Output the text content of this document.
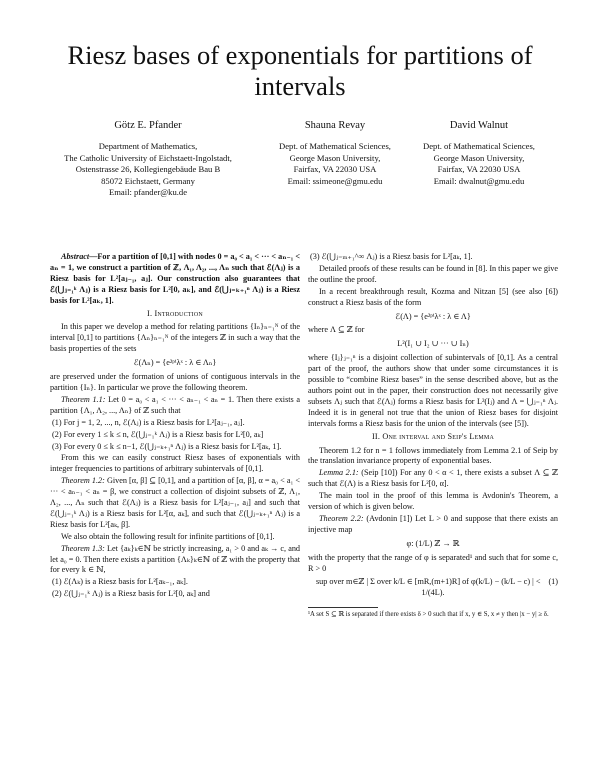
Riesz bases of exponentials for partitions of intervals
Götz E. Pfander	Shauna Revay	David Walnut
Department of Mathematics,
The Catholic University of Eichstaett-Ingolstadt,
Ostenstrasse 26, Kollegiengebäude Bau B
85072 Eichstaett, Germany
Email: pfander@ku.de
Dept. of Mathematical Sciences,
George Mason University,
Fairfax, VA 22030 USA
Email: ssimeone@gmu.edu
Dept. of Mathematical Sciences,
George Mason University,
Fairfax, VA 22030 USA
Email: dwalnut@gmu.edu

Abstract—For a partition of [0,1] with nodes 0 = a₀ < a₁ < ··· < aₙ₋₁ < aₙ = 1, we construct a partition of ℤ, Λ₁, Λ₂, ..., Λₙ such that ℰ(Λⱼ) is a Riesz basis for L²[aⱼ₋₁, aⱼ]. Our construction also guarantees that ℰ(⋃ⱼ₌₁ᵏ Λⱼ) is a Riesz basis for L²[0, aₖ], and ℰ(⋃ⱼ₌ₖ₊₁ⁿ Λⱼ) is a Riesz basis for L²[aₖ, 1].

I. Introduction

In this paper we develop a method for relating partitions {Iₙ}ₙ₌₁ᴺ of the interval [0,1] to partitions {Λₙ}ₙ₌₁ᴺ of the integers ℤ in such a way that the basis properties of the sets

ℰ(Λₙ) = {e²ᵖⁱλˣ : λ ∈ Λₙ}

are preserved under the formation of unions of contiguous intervals in the partition {Iₙ}. In particular we prove the following theorem.

Theorem 1.1: Let 0 = a₀ < a₁ < ··· < aₙ₋₁ < aₙ = 1. Then there exists a partition {Λ₁, Λ₂, ..., Λₙ} of ℤ such that

(1) For j = 1, 2, ..., n, ℰ(Λⱼ) is a Riesz basis for L²[aⱼ₋₁, aⱼ].

(2) For every 1 ≤ k ≤ n, ℰ(⋃ⱼ₌₁ᵏ Λⱼ) is a Riesz basis for L²[0, aₖ]

(3) For every 0 ≤ k ≤ n−1, ℰ(⋃ⱼ₌ₖ₊₁ⁿ Λⱼ) is a Riesz basis for L²[aₖ, 1].

From this we can easily construct Riesz bases of exponentials with integer frequencies to partitions of arbitrary subintervals of [0,1].

Theorem 1.2: Given [α, β] ⊆ [0,1], and a partition of [α, β], α = a₀ < a₁ < ··· < aₙ₋₁ < aₙ = β, we construct a collection of disjoint subsets of ℤ, Λ₁, Λ₂, ..., Λₙ such that ℰ(Λⱼ) is a Riesz basis for L²[aⱼ₋₁, aⱼ] and such that ℰ(⋃ⱼ₌₁ᵏ Λⱼ) is a Riesz basis for L²[α, aₖ], and such that ℰ(⋃ⱼ₌ₖ₊₁ⁿ Λⱼ) is a Riesz basis for L²[aₖ, β].

We also obtain the following result for infinite partitions of [0,1].

Theorem 1.3: Let {aₖ}ₖ∈ℕ be strictly increasing, a₁ > 0 and aₖ → c, and let a₀ = 0. Then there exists a partition {Λₖ}ₖ∈ℕ of ℤ with the property that for every k ∈ ℕ,

(1) ℰ(Λₖ) is a Riesz basis for L²[aₖ₋₁, aₖ].

(2) ℰ(⋃ⱼ₌₁ᵏ Λⱼ) is a Riesz basis for L²[0, aₖ] and

(3) ℰ(⋃ⱼ₌ₘ₊₁^∞ Λⱼ) is a Riesz basis for L²[aₖ, 1].

Detailed proofs of these results can be found in [8]. In this paper we give the outline the proof.

In a recent breakthrough result, Kozma and Nitzan [5] (see also [6]) construct a Riesz basis of the form

ℰ(Λ) = {e²ᵖⁱλˣ : λ ∈ Λ}

where Λ ⊆ ℤ for

L²(I₁ ∪ I₂ ∪ ··· ∪ Iₙ)

where {Iⱼ}ⱼ₌₁ⁿ is a disjoint collection of subintervals of [0,1]. As a central part of the proof, the authors show that under some circumstances it is possible to “combine Riesz bases” in the sense described above, but as the authors point out in the paper, their construction does not necessarily give subsets Λⱼ such that ℰ(Λⱼ) forms a Riesz basis for L²(Iⱼ) and Λ = ⋃ⱼ₌₁ⁿ Λⱼ. Indeed it is in general not true that the union of Riesz bases for disjoint intervals forms a Riesz basis for the union of the intervals (see [5]).

II. One interval and Seip's Lemma

Theorem 1.2 for n = 1 follows immediately from Lemma 2.1 of Seip by the translation invariance property of exponential bases.

Lemma 2.1: (Seip [10]) For any 0 < α < 1, there exists a subset Λ ⊆ ℤ such that ℰ(Λ) is a Riesz basis for L²[0, α].

The main tool in the proof of this lemma is Avdonin's Theorem, a version of which is given below.

Theorem 2.2: (Avdonin [1]) Let L > 0 and suppose that there exists an injective map

φ: (1/L) ℤ → ℝ

with the property that the range of φ is separated¹ and such that for some c, R > 0

(1)
sup over m∈ℤ | Σ over k/L ∈ [mR,(m+1)R] of φ(k/L) − (k/L − c) | < 1/(4L).

¹A set S ⊆ ℝ is separated if there exists δ > 0 such that if x, y ∈ S, x ≠ y then |x − y| ≥ δ.
